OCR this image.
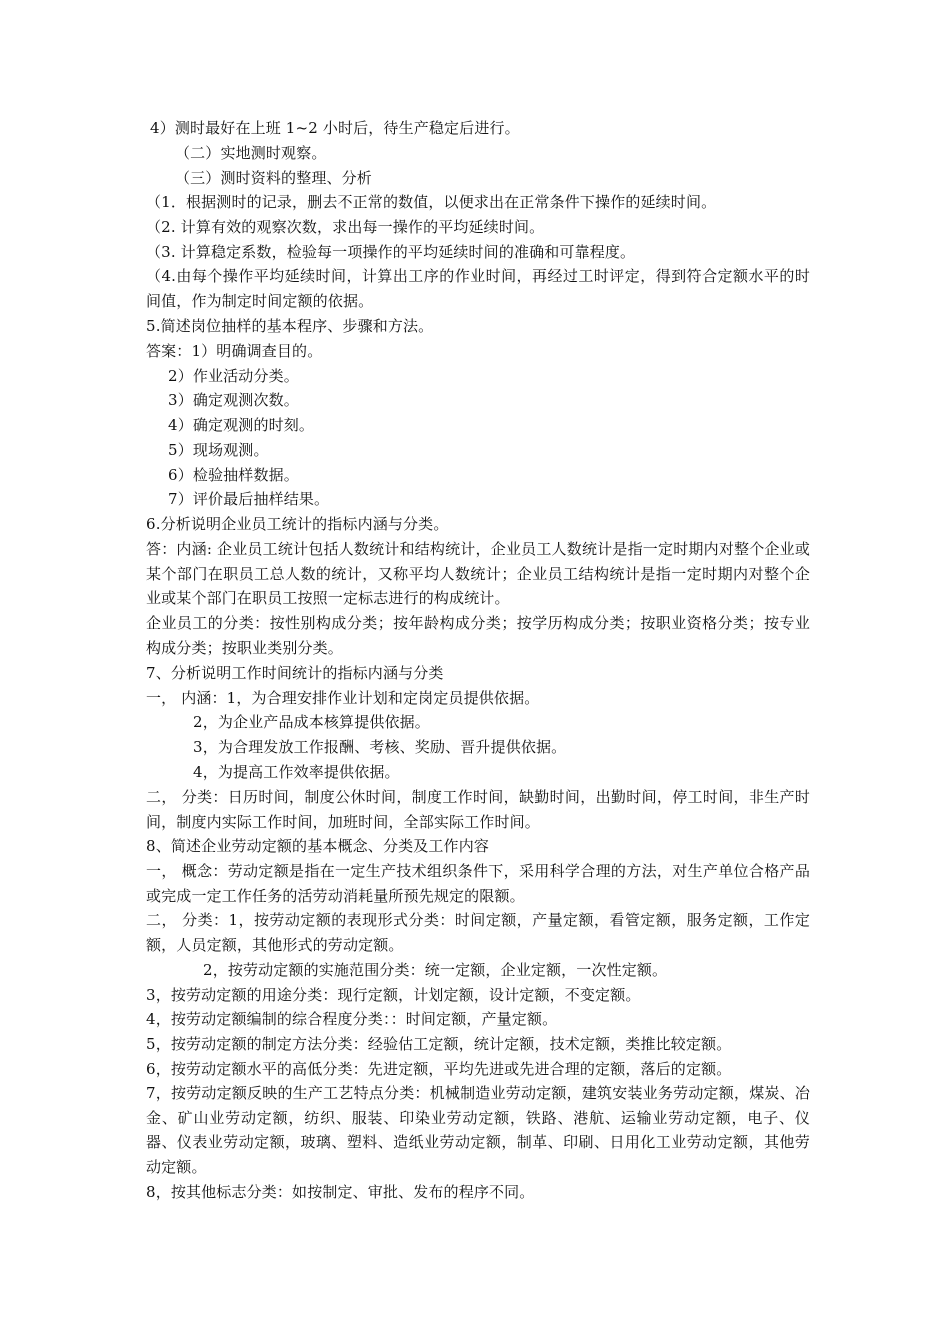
4）测时最好在上班 1~2 小时后，待生产稳定后进行。
（二）实地测时观察。
（三）测时资料的整理、分析
（1．根据测时的记录，删去不正常的数值，以便求出在正常条件下操作的延续时间。
（2. 计算有效的观察次数，求出每一操作的平均延续时间。
（3. 计算稳定系数，检验每一项操作的平均延续时间的准确和可靠程度。
（4.由每个操作平均延续时间，计算出工序的作业时间，再经过工时评定，得到符合定额水平的时间值，作为制定时间定额的依据。
5.简述岗位抽样的基本程序、步骤和方法。
答案：1）明确调查目的。
2）作业活动分类。
3）确定观测次数。
4）确定观测的时刻。
5）现场观测。
6）检验抽样数据。
7）评价最后抽样结果。
6.分析说明企业员工统计的指标内涵与分类。
答：内涵: 企业员工统计包括人数统计和结构统计，企业员工人数统计是指一定时期内对整个企业或某个部门在职员工总人数的统计，又称平均人数统计；企业员工结构统计是指一定时期内对整个企业或某个部门在职员工按照一定标志进行的构成统计。
企业员工的分类：按性别构成分类；按年龄构成分类；按学历构成分类；按职业资格分类；按专业构成分类；按职业类别分类。
7、分析说明工作时间统计的指标内涵与分类
一， 内涵：1，为合理安排作业计划和定岗定员提供依据。
2，为企业产品成本核算提供依据。
3，为合理发放工作报酬、考核、奖励、晋升提供依据。
4，为提高工作效率提供依据。
二， 分类：日历时间，制度公休时间，制度工作时间，缺勤时间，出勤时间，停工时间，非生产时间，制度内实际工作时间，加班时间，全部实际工作时间。
8、简述企业劳动定额的基本概念、分类及工作内容
一， 概念：劳动定额是指在一定生产技术组织条件下，采用科学合理的方法，对生产单位合格产品或完成一定工作任务的活劳动消耗量所预先规定的限额。
二， 分类：1，按劳动定额的表现形式分类：时间定额，产量定额，看管定额，服务定额，工作定额，人员定额，其他形式的劳动定额。
2，按劳动定额的实施范围分类：统一定额，企业定额，一次性定额。
3，按劳动定额的用途分类：现行定额，计划定额，设计定额，不变定额。
4，按劳动定额编制的综合程度分类：：时间定额，产量定额。
5，按劳动定额的制定方法分类：经验估工定额，统计定额，技术定额，类推比较定额。
6，按劳动定额水平的高低分类：先进定额，平均先进或先进合理的定额，落后的定额。
7，按劳动定额反映的生产工艺特点分类：机械制造业劳动定额，建筑安装业务劳动定额，煤炭、冶金、矿山业劳动定额，纺织、服装、印染业劳动定额，铁路、港航、运输业劳动定额，电子、仪器、仪表业劳动定额，玻璃、塑料、造纸业劳动定额，制革、印刷、日用化工业劳动定额，其他劳动定额。
8，按其他标志分类：如按制定、审批、发布的程序不同。
